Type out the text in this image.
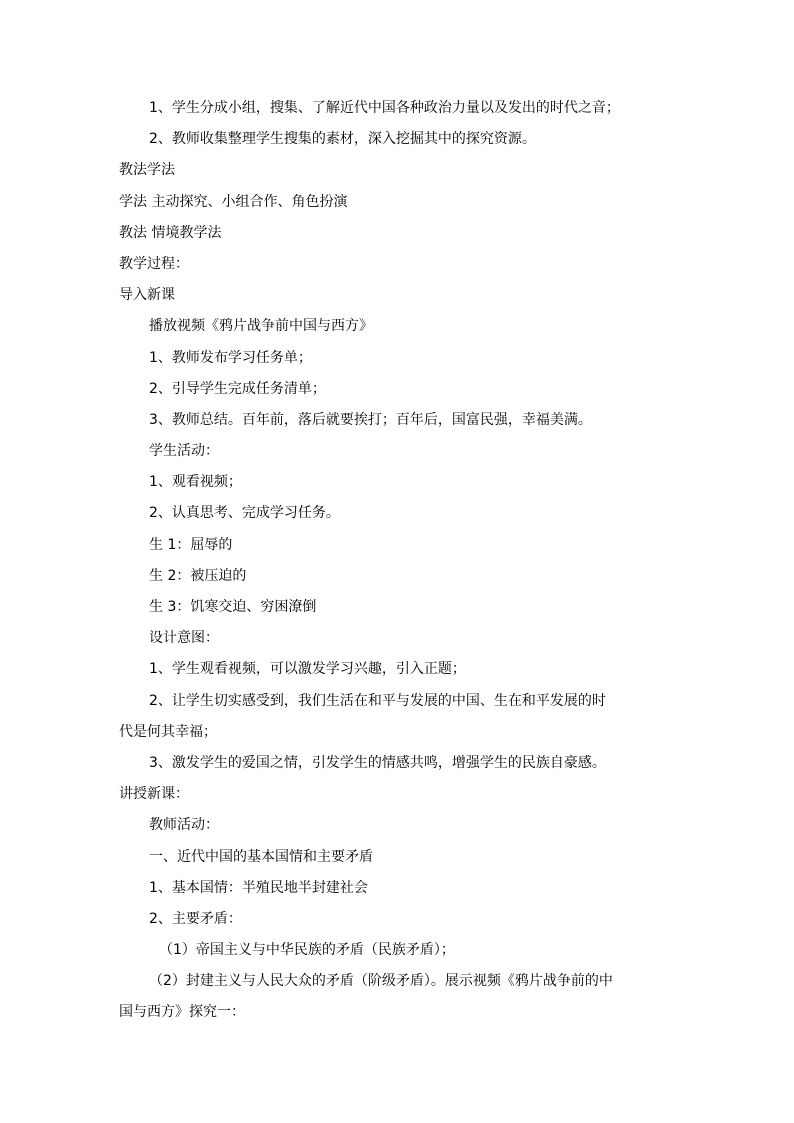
1、学生分成小组，搜集、了解近代中国各种政治力量以及发出的时代之音；
2、教师收集整理学生搜集的素材，深入挖掘其中的探究资源。
教法学法
学法 主动探究、小组合作、角色扮演
教法 情境教学法
教学过程：
导入新课
播放视频《鸦片战争前中国与西方》
1、教师发布学习任务单；
2、引导学生完成任务清单；
3、教师总结。百年前，落后就要挨打；百年后，国富民强，幸福美满。
学生活动：
1、观看视频；
2、认真思考、完成学习任务。
生 1：屈辱的
生 2：被压迫的
生 3：饥寒交迫、穷困潦倒
设计意图：
1、学生观看视频，可以激发学习兴趣，引入正题；
2、让学生切实感受到，我们生活在和平与发展的中国、生在和平发展的时
代是何其幸福；
3、激发学生的爱国之情，引发学生的情感共鸣，增强学生的民族自豪感。
讲授新课：
教师活动：
一、近代中国的基本国情和主要矛盾
1、基本国情：半殖民地半封建社会
2、主要矛盾：
（1）帝国主义与中华民族的矛盾（民族矛盾）；
（2）封建主义与人民大众的矛盾（阶级矛盾）。展示视频《鸦片战争前的中
国与西方》探究一：
